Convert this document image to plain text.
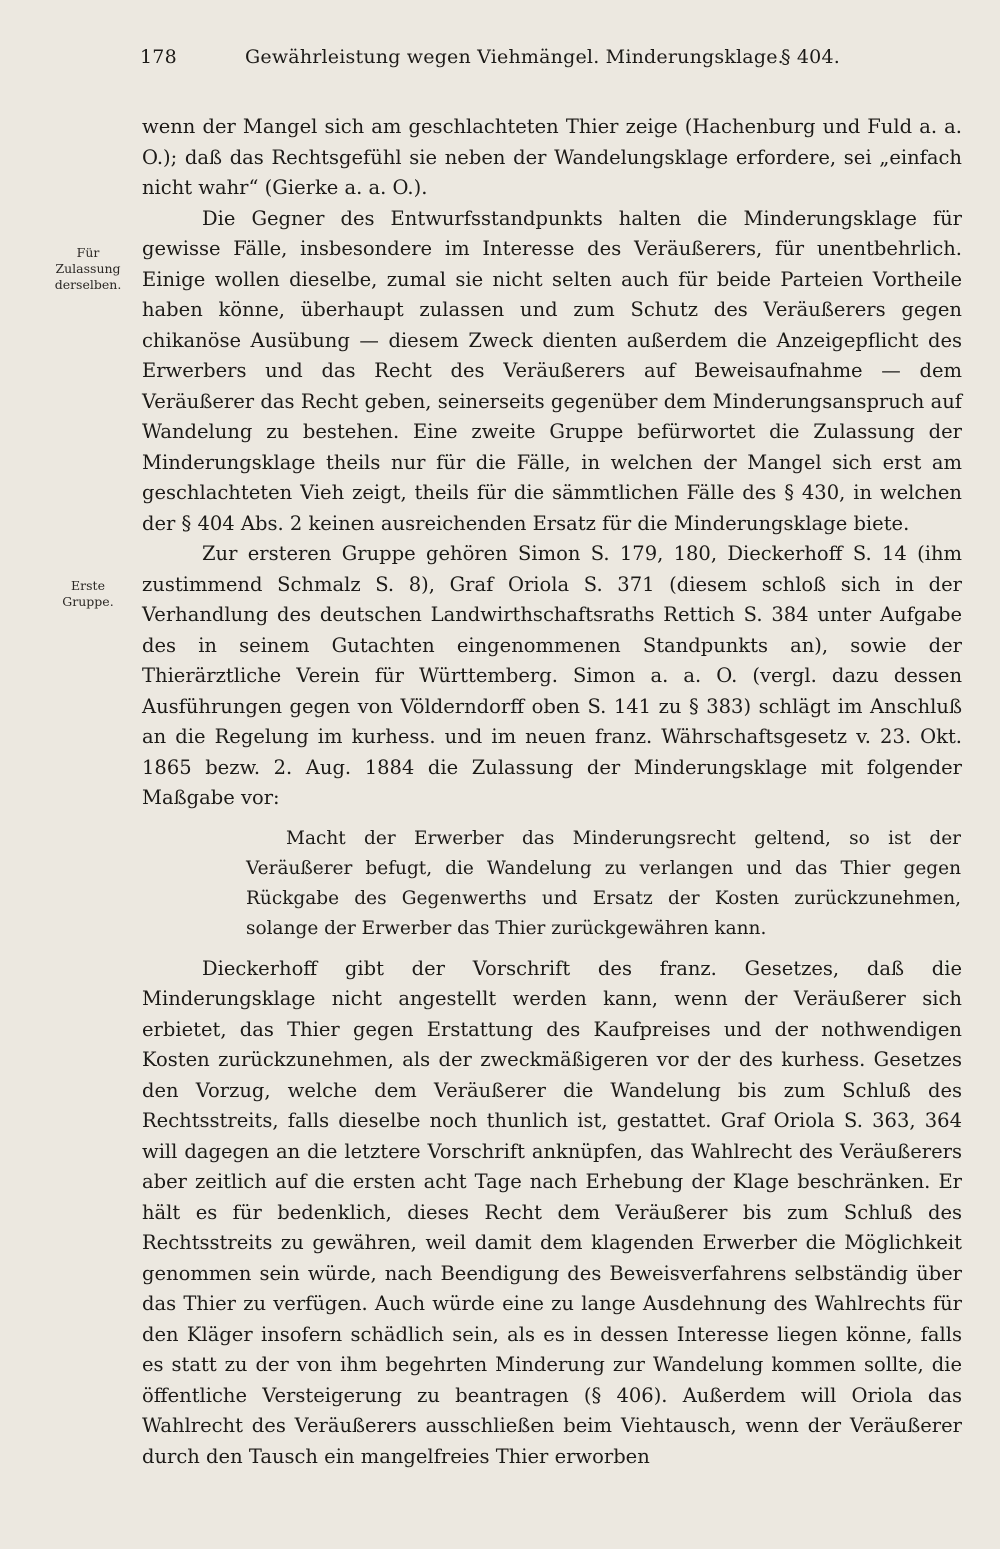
178	Gewährleistung wegen Viehmängel. Minderungsklage.
§ 404.
Für Zulassung derselben.
Erste Gruppe.

wenn der Mangel sich am geschlachteten Thier zeige (Hachenburg und Fuld a. a. O.); daß das Rechtsgefühl sie neben der Wandelungsklage erfordere, sei „einfach nicht wahr“ (Gierke a. a. O.).

Die Gegner des Entwurfsstandpunkts halten die Minderungsklage für gewisse Fälle, insbesondere im Interesse des Veräußerers, für unentbehrlich. Einige wollen dieselbe, zumal sie nicht selten auch für beide Parteien Vortheile haben könne, überhaupt zulassen und zum Schutz des Veräußerers gegen chikanöse Ausübung — diesem Zweck dienten außerdem die Anzeigepflicht des Erwerbers und das Recht des Veräußerers auf Beweisaufnahme — dem Veräußerer das Recht geben, seinerseits gegenüber dem Minderungsanspruch auf Wandelung zu bestehen. Eine zweite Gruppe befürwortet die Zulassung der Minderungsklage theils nur für die Fälle, in welchen der Mangel sich erst am geschlachteten Vieh zeigt, theils für die sämmtlichen Fälle des § 430, in welchen der § 404 Abs. 2 keinen ausreichenden Ersatz für die Minderungsklage biete.

Zur ersteren Gruppe gehören Simon S. 179, 180, Dieckerhoff S. 14 (ihm zustimmend Schmalz S. 8), Graf Oriola S. 371 (diesem schloß sich in der Verhandlung des deutschen Landwirthschaftsraths Rettich S. 384 unter Aufgabe des in seinem Gutachten eingenommenen Standpunkts an), sowie der Thierärztliche Verein für Württemberg. Simon a. a. O. (vergl. dazu dessen Ausführungen gegen von Völderndorff oben S. 141 zu § 383) schlägt im Anschluß an die Regelung im kurhess. und im neuen franz. Währschaftsgesetz v. 23. Okt. 1865 bezw. 2. Aug. 1884 die Zulassung der Minderungsklage mit folgender Maßgabe vor:

Macht der Erwerber das Minderungsrecht geltend, so ist der Veräußerer befugt, die Wandelung zu verlangen und das Thier gegen Rückgabe des Gegenwerths und Ersatz der Kosten zurückzunehmen, solange der Erwerber das Thier zurückgewähren kann.

Dieckerhoff gibt der Vorschrift des franz. Gesetzes, daß die Minderungsklage nicht angestellt werden kann, wenn der Veräußerer sich erbietet, das Thier gegen Erstattung des Kaufpreises und der nothwendigen Kosten zurückzunehmen, als der zweckmäßigeren vor der des kurhess. Gesetzes den Vorzug, welche dem Veräußerer die Wandelung bis zum Schluß des Rechtsstreits, falls dieselbe noch thunlich ist, gestattet. Graf Oriola S. 363, 364 will dagegen an die letztere Vorschrift anknüpfen, das Wahlrecht des Veräußerers aber zeitlich auf die ersten acht Tage nach Erhebung der Klage beschränken. Er hält es für bedenklich, dieses Recht dem Veräußerer bis zum Schluß des Rechtsstreits zu gewähren, weil damit dem klagenden Erwerber die Möglichkeit genommen sein würde, nach Beendigung des Beweisverfahrens selbständig über das Thier zu verfügen. Auch würde eine zu lange Ausdehnung des Wahlrechts für den Kläger insofern schädlich sein, als es in dessen Interesse liegen könne, falls es statt zu der von ihm begehrten Minderung zur Wandelung kommen sollte, die öffentliche Versteigerung zu beantragen (§ 406). Außerdem will Oriola das Wahlrecht des Veräußerers ausschließen beim Viehtausch, wenn der Veräußerer durch den Tausch ein mangelfreies Thier erworben
